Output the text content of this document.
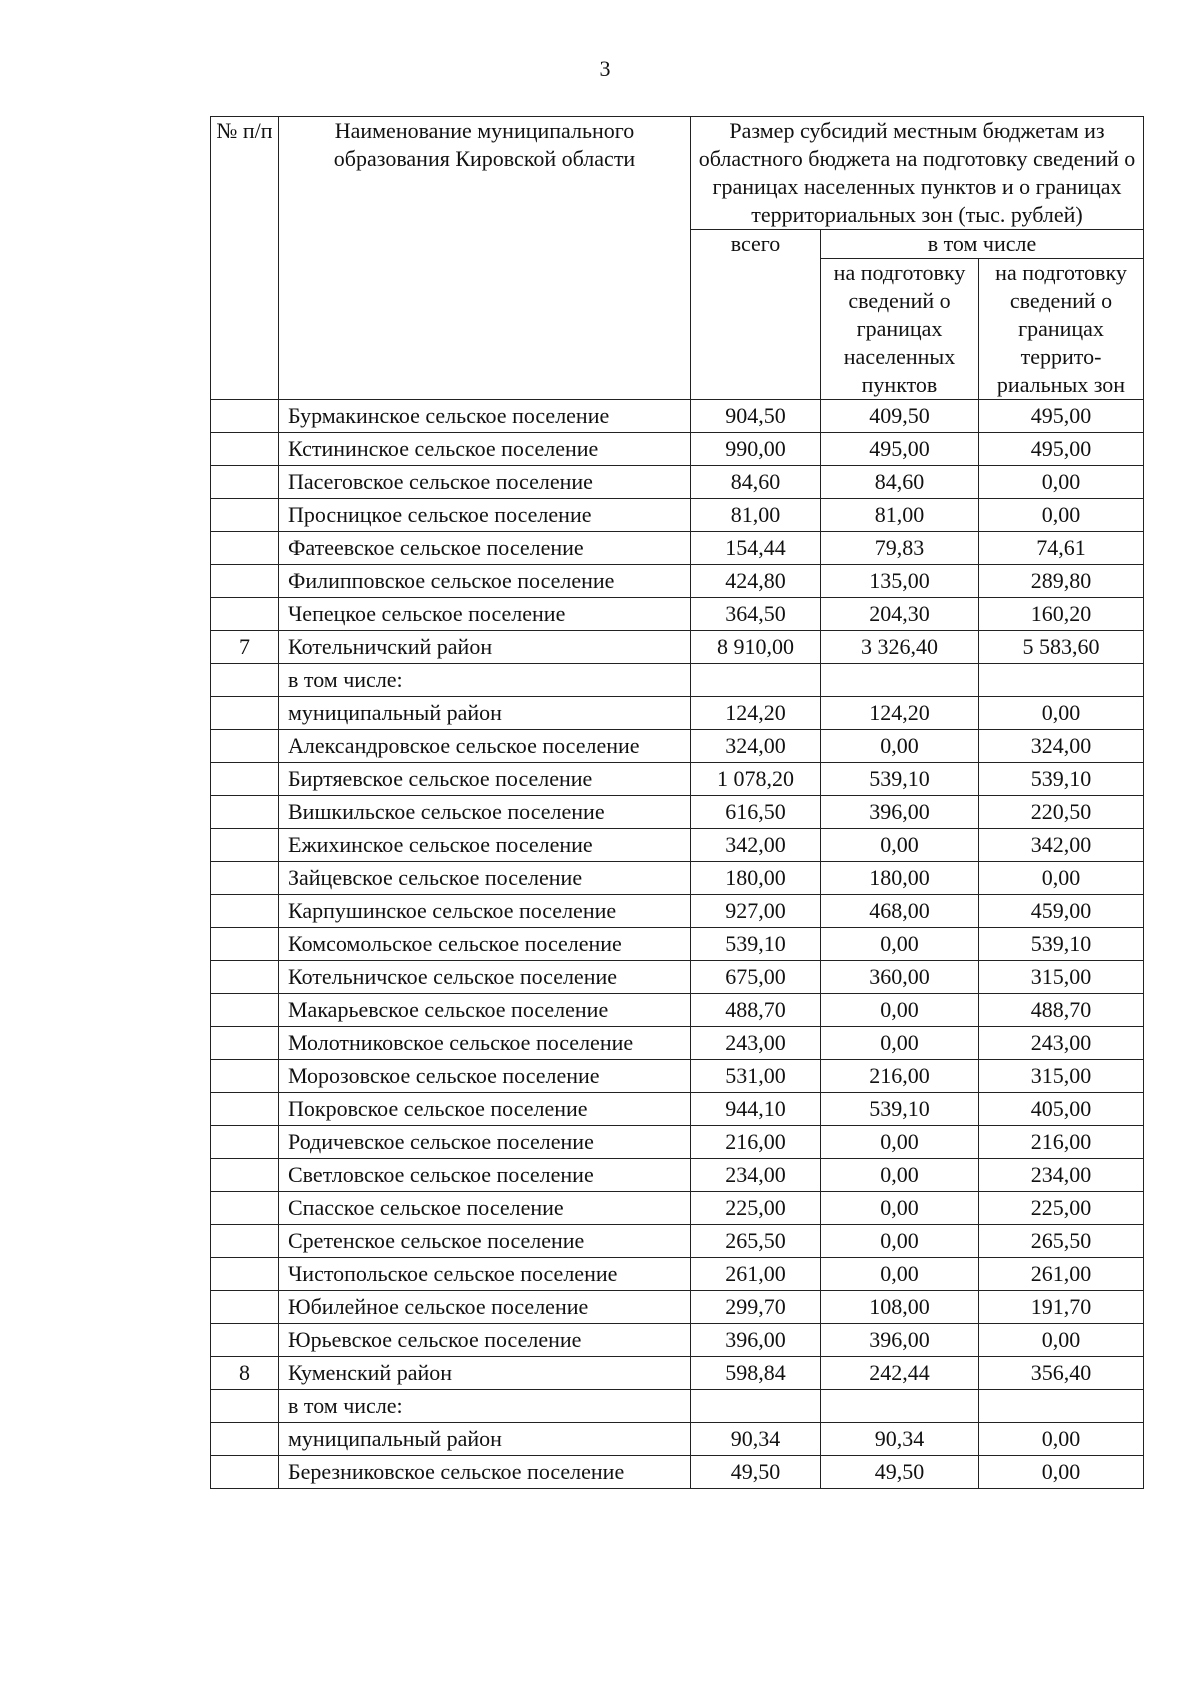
3
№ п/п	Наименование муниципального образования Кировской области	Размер субсидий местным бюджетам из областного бюджета на подготовку сведений о границах населенных пунктов и о границах территориальных зон (тыс. рублей)		
		всего	в том числе	
			на подготовку сведений о границах населенных пунктов	на подготовку сведений о границах террито-риальных зон
	Бурмакинское сельское поселение	904,50	409,50	495,00
	Кстининское сельское поселение	990,00	495,00	495,00
	Пасеговское сельское поселение	84,60	84,60	0,00
	Просницкое сельское поселение	81,00	81,00	0,00
	Фатеевское сельское поселение	154,44	79,83	74,61
	Филипповское сельское поселение	424,80	135,00	289,80
	Чепецкое сельское поселение	364,50	204,30	160,20
7	Котельничский район	8 910,00	3 326,40	5 583,60
	в том числе:			
	муниципальный район	124,20	124,20	0,00
	Александровское сельское поселение	324,00	0,00	324,00
	Биртяевское сельское поселение	1 078,20	539,10	539,10
	Вишкильское сельское поселение	616,50	396,00	220,50
	Ежихинское сельское поселение	342,00	0,00	342,00
	Зайцевское сельское поселение	180,00	180,00	0,00
	Карпушинское сельское поселение	927,00	468,00	459,00
	Комсомольское сельское поселение	539,10	0,00	539,10
	Котельничское сельское поселение	675,00	360,00	315,00
	Макарьевское сельское поселение	488,70	0,00	488,70
	Молотниковское сельское поселение	243,00	0,00	243,00
	Морозовское сельское поселение	531,00	216,00	315,00
	Покровское сельское поселение	944,10	539,10	405,00
	Родичевское сельское поселение	216,00	0,00	216,00
	Светловское сельское поселение	234,00	0,00	234,00
	Спасское сельское поселение	225,00	0,00	225,00
	Сретенское сельское поселение	265,50	0,00	265,50
	Чистопольское сельское поселение	261,00	0,00	261,00
	Юбилейное сельское поселение	299,70	108,00	191,70
	Юрьевское сельское поселение	396,00	396,00	0,00
8	Куменский район	598,84	242,44	356,40
	в том числе:			
	муниципальный район	90,34	90,34	0,00
	Березниковское сельское поселение	49,50	49,50	0,00
